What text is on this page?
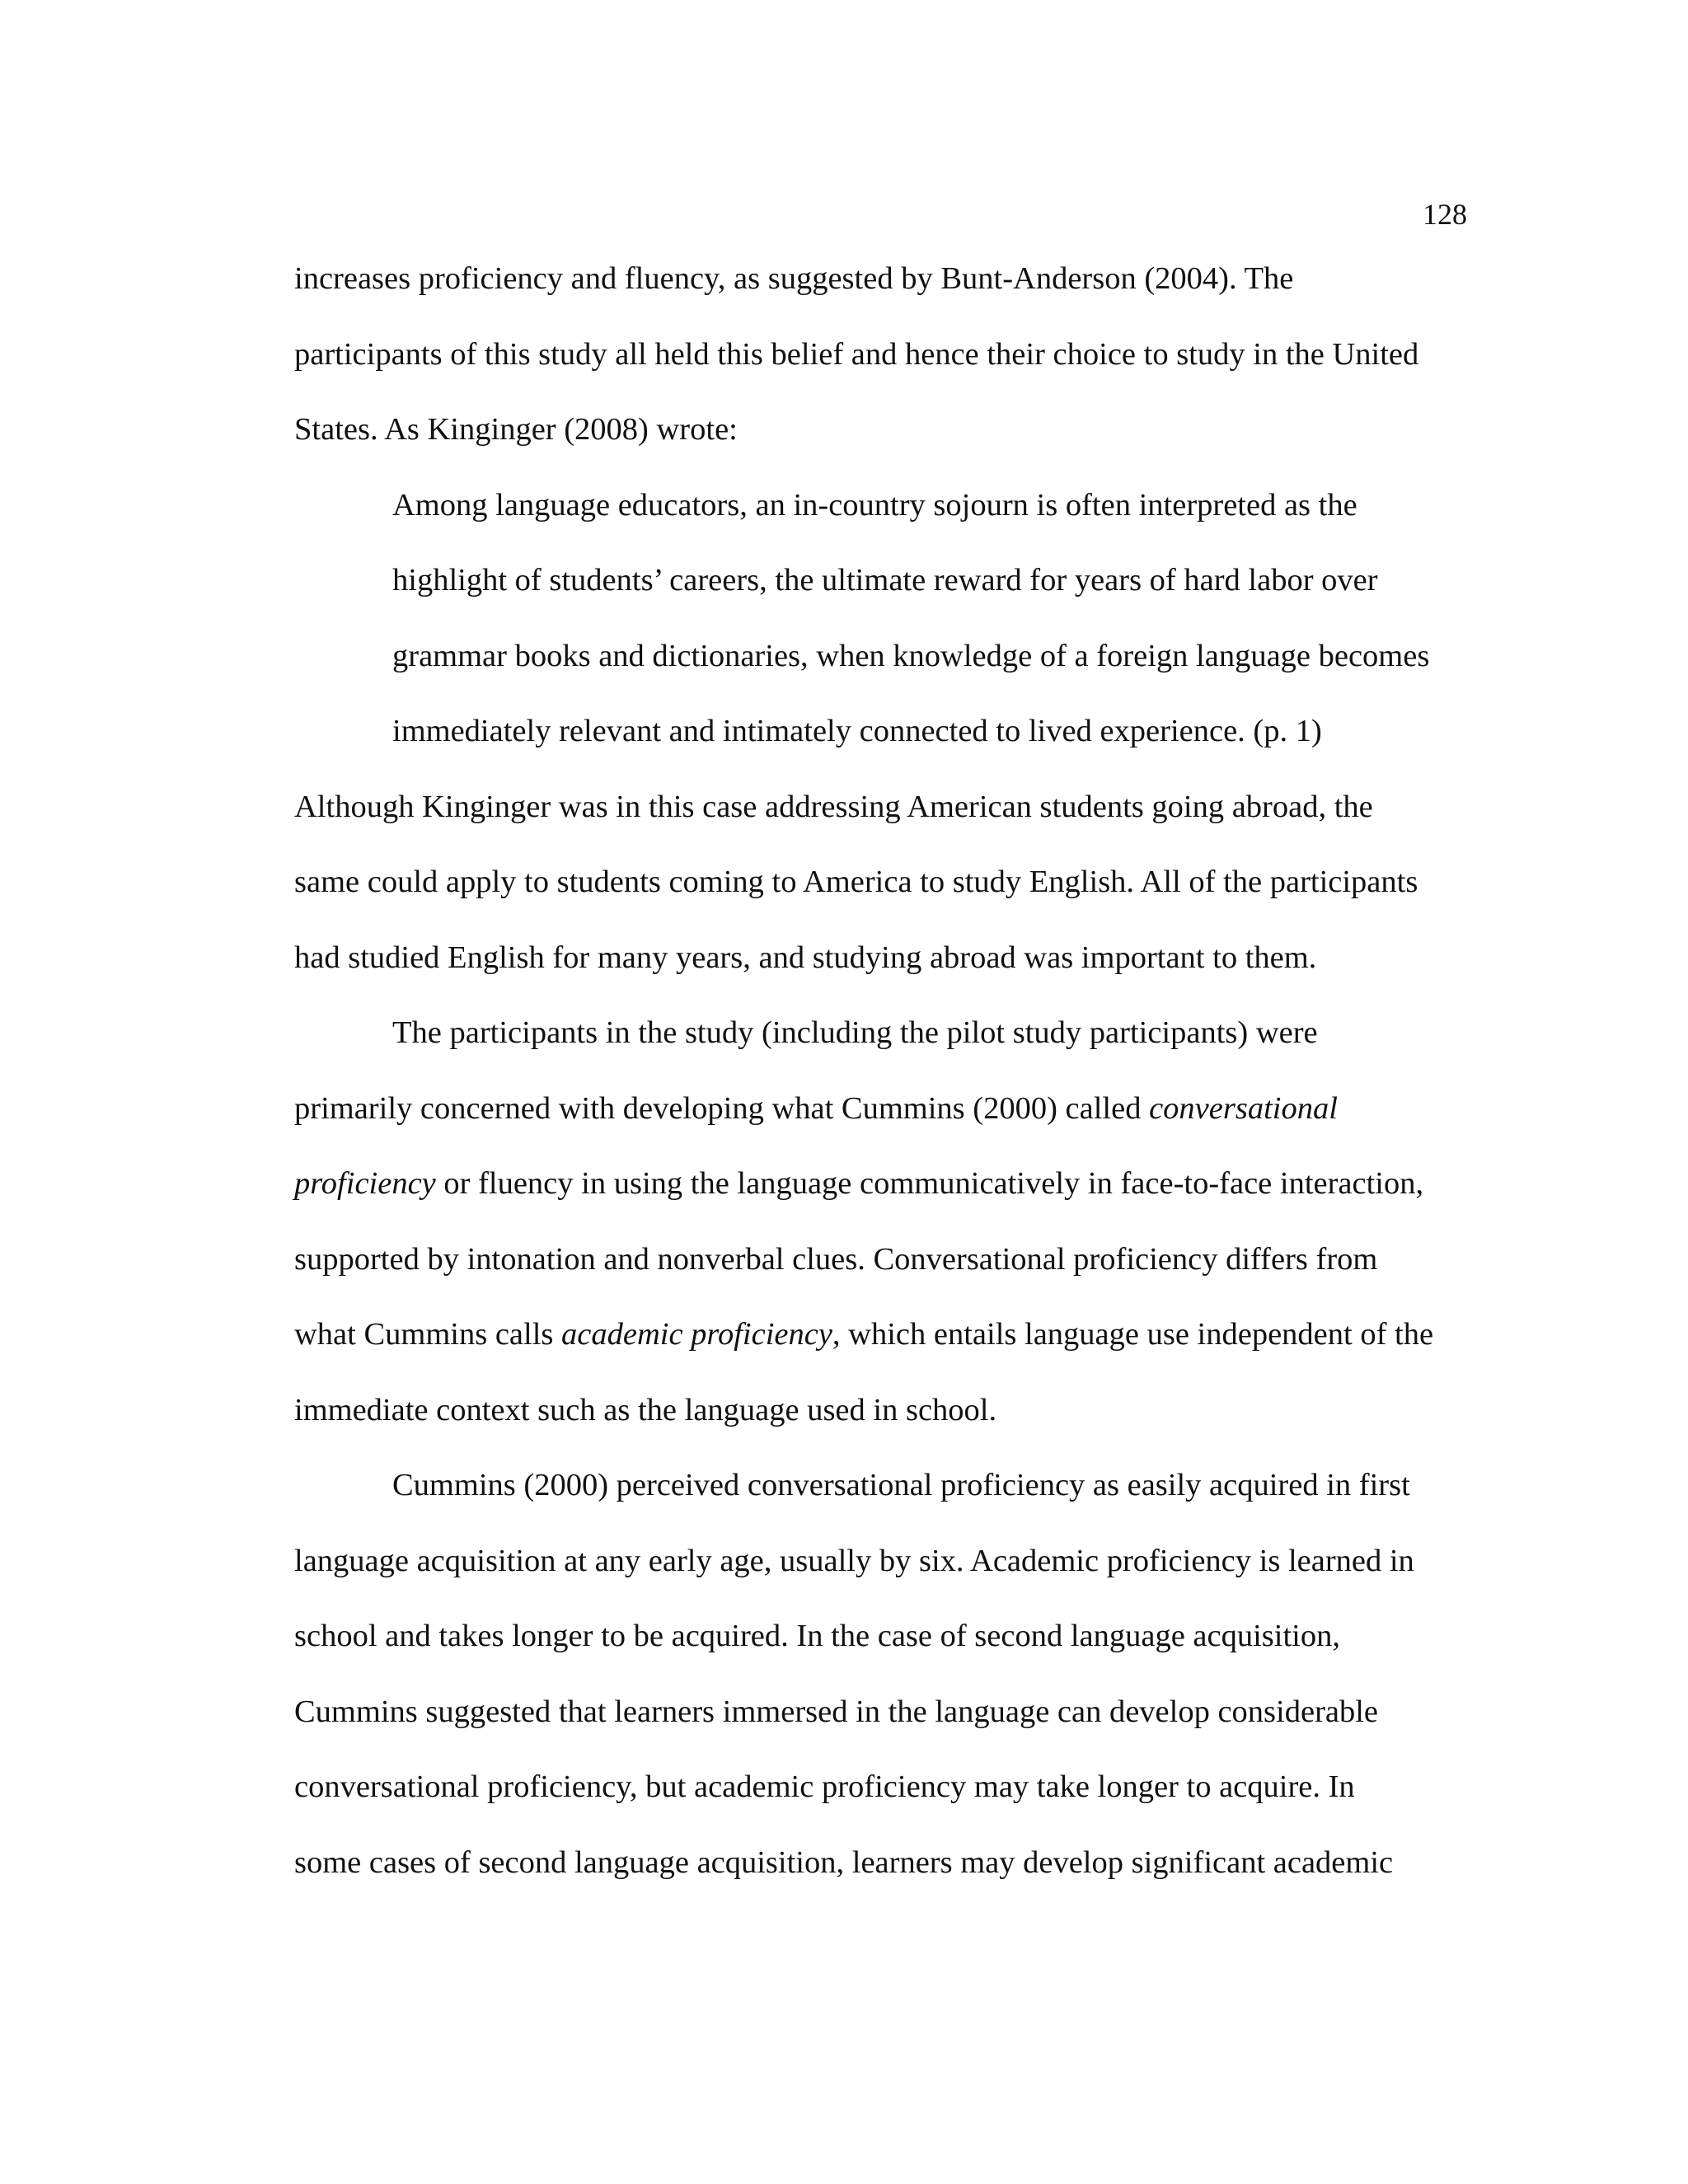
128
increases proficiency and fluency, as suggested by Bunt-Anderson (2004). The
participants of this study all held this belief and hence their choice to study in the United
States. As Kinginger (2008) wrote:
Among language educators, an in-country sojourn is often interpreted as the
highlight of students’ careers, the ultimate reward for years of hard labor over
grammar books and dictionaries, when knowledge of a foreign language becomes
immediately relevant and intimately connected to lived experience. (p. 1)
Although Kinginger was in this case addressing American students going abroad, the
same could apply to students coming to America to study English. All of the participants
had studied English for many years, and studying abroad was important to them.
The participants in the study (including the pilot study participants) were
primarily concerned with developing what Cummins (2000) called conversational
proficiency or fluency in using the language communicatively in face-to-face interaction,
supported by intonation and nonverbal clues. Conversational proficiency differs from
what Cummins calls academic proficiency, which entails language use independent of the
immediate context such as the language used in school.
Cummins (2000) perceived conversational proficiency as easily acquired in first
language acquisition at any early age, usually by six. Academic proficiency is learned in
school and takes longer to be acquired. In the case of second language acquisition,
Cummins suggested that learners immersed in the language can develop considerable
conversational proficiency, but academic proficiency may take longer to acquire. In
some cases of second language acquisition, learners may develop significant academic
